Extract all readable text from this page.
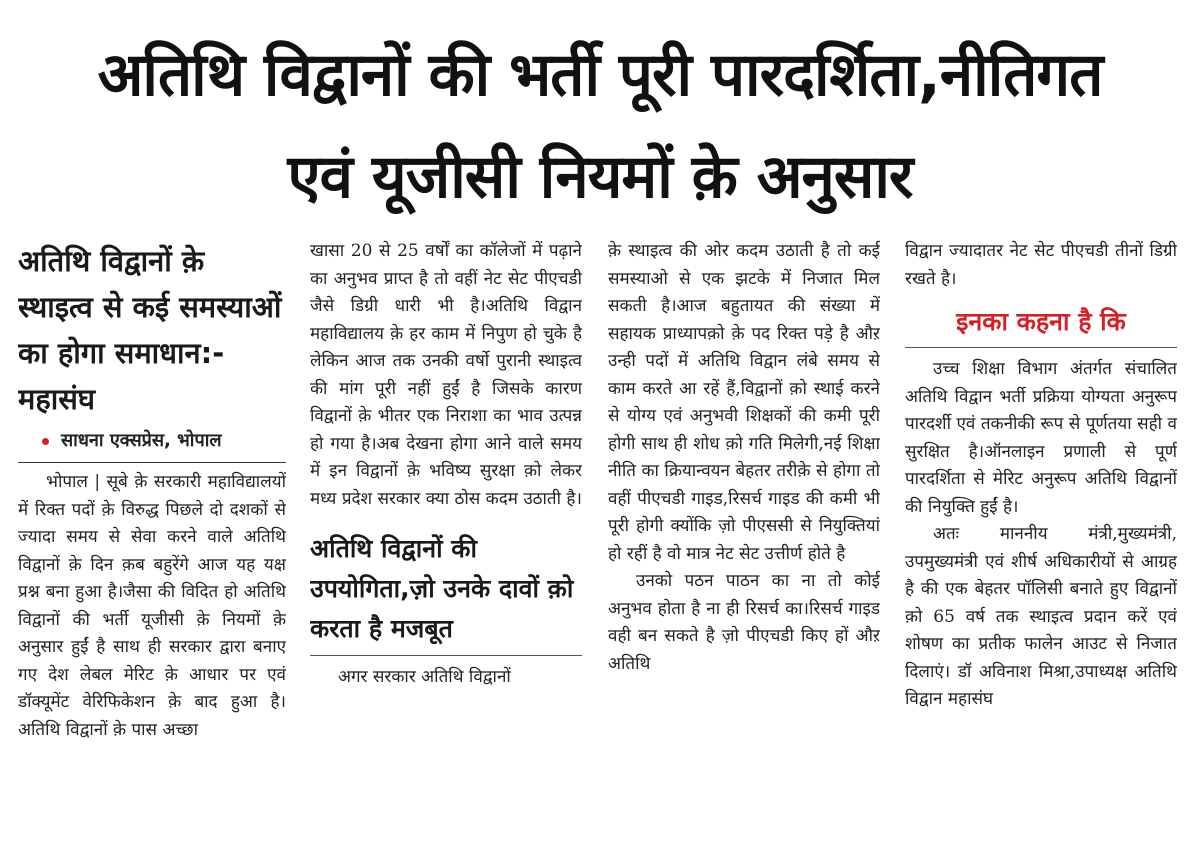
अतिथि विद्वानों की भर्ती पूरी पारदर्शिता,नीतिगत
एवं यूजीसी नियमों क़े अनुसार
अतिथि विद्वानों क़े स्थाइत्व से कई समस्याओं का होगा समाधान:-महासंघ
साधना एक्सप्रेस, भोपाल

भोपाल | सूबे क़े सरकारी महाविद्यालयों में रिक्त पदों क़े विरुद्ध पिछले दो दशकों से ज्यादा समय से सेवा करने वाले अतिथि विद्वानों क़े दिन क़ब बहुरेंगे आज यह यक्ष प्रश्न बना हुआ है।जैसा की विदित हो अतिथि विद्वानों की भर्ती यूजीसी क़े नियमों क़े अनुसार हुईं है साथ ही सरकार द्वारा बनाए गए देश लेबल मेरिट क़े आधार पर एवं डॉक्यूमेंट वेरिफिकेशन क़े बाद हुआ है।अतिथि विद्वानों क़े पास अच्छा

खासा 20 से 25 वर्षों का कॉलेजों में पढ़ाने का अनुभव प्राप्त है तो वहीं नेट सेट पीएचडी जैसे डिग्री धारी भी है।अतिथि विद्वान महाविद्यालय क़े हर काम में निपुण हो चुके है लेकिन आज तक उनकी वर्षो पुरानी स्थाइत्व की मांग पूरी नहीं हुईं है जिसके कारण विद्वानों क़े भीतर एक निराशा का भाव उत्पन्न हो गया है।अब देखना होगा आने वाले समय में इन विद्वानों क़े भविष्य सुरक्षा क़ो लेकर मध्य प्रदेश सरकार क्या ठोस कदम उठाती है।

अतिथि विद्वानों की उपयोगिता,ज़ो उनके दावों क़ो करता है मजबूत

अगर सरकार अतिथि विद्वानों

क़े स्थाइत्व की ओर कदम उठाती है तो कई समस्याओ से एक झटके में निजात मिल सकती है।आज बहुतायत की संख्या में सहायक प्राध्यापक़ो क़े पद रिक्त पड़े है औऱ उन्ही पदों में अतिथि विद्वान लंबे समय से काम करते आ रहें हैं,विद्वानों क़ो स्थाई करने से योग्य एवं अनुभवी शिक्षकों की कमी पूरी होगी साथ ही शोध क़ो गति मिलेगी,नई शिक्षा नीति का क्रियान्वयन बेहतर तरीक़े से होगा तो वहीं पीएचडी गाइड,रिसर्च गाइड की कमी भी पूरी होगी क्योंकि ज़ो पीएससी से नियुक्तियां हो रहीं है वो मात्र नेट सेट उत्तीर्ण होते है

उनको पठन पाठन का ना तो कोई अनुभव होता है ना ही रिसर्च का।रिसर्च गाइड वही बन सकते है ज़ो पीएचडी किए हों औऱ अतिथि

विद्वान ज्यादातर नेट सेट पीएचडी तीनों डिग्री रखते है।

इनका कहना है कि

उच्च शिक्षा विभाग अंतर्गत संचालित अतिथि विद्वान भर्ती प्रक्रिया योग्यता अनुरूप पारदर्शी एवं तकनीकी रूप से पूर्णतया सही व सुरक्षित है।ऑनलाइन प्रणाली से पूर्ण पारदर्शिता से मेरिट अनुरूप अतिथि विद्वानों की नियुक्ति हुईं है।

अतः माननीय मंत्री,मुख्यमंत्री, उपमुख्यमंत्री एवं शीर्ष अधिकारीयों से आग्रह है की एक बेहतर पॉलिसी बनाते हुए विद्वानों क़ो 65 वर्ष तक स्थाइत्व प्रदान करें एवं शोषण का प्रतीक फालेन आउट से निजात दिलाएं। डॉ अविनाश मिश्रा,उपाध्यक्ष अतिथि विद्वान महासंघ
